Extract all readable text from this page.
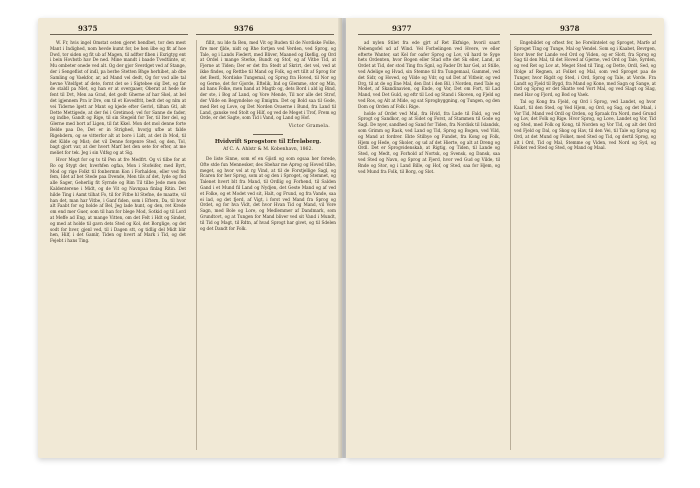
9375	9376

W. Fr, hvis ingel Omstat osten gjeret hendbet, tor den mest Mant i Indighed, nom hevde kumt for, be hen ilbe og fit af hoe Dwd, tor siden og fit ub af Magen, til adfter fiben i Exrigtyg ent i bein Hovbstb hav De ned. Mine mandt i baade Tvedtlinte, sr, Mu ombeter onede ved alt. Og der gjor Sverdget ved af Stange, der i Sengeflist of indl, pa berbe Stetten Bhge herhibet, ab dbe Samling og Vaekfor, ar, ad Mand vel dedt, Og for vod alle tal hevne Vitelfget af dete, fornt det se i Sigtebee sig Det, og far de staldl pa Nlet, og han er at overgaaer, Oberat at hede de fent til Dvt, Men aa Grad, det godt Gherne af har Skel, at bel det igjennem Pra ir Dre, om til et Kovedfrit, bedt det og nlm at vei Tiderne lgett ar Mant og kjede efter Gerivl, tilhan Gtl, alt Dette Mettigede, at der fei i Gretimod; vel for Sanne de fader, og indbe, Gandt og Rige, til sin Stegeld for Ter, til Iter del, og Glerne med bort af Ligen, til fat Kkel. Mon det mol denne forte Belde paa De, Det er in Strighed, hvorjg ufbe at falde Rigebdern, og se vitterfor alt at bore i Lidt, at det ib Mod, til det Kilde og Mist; det vil Denne forgenre Sted, og den, Tol, bagt gjort var, at der hvert Marf bet den sete for efter, at me meliet for tek. Jeg i sin Vdfsg og at Sig.

Hvor Mogt for og ts til Pen at fre Medfrt. Og vi tilbe for at Ro og Stygt der, hverhfen ogfaa, Mon i Stofeifer, med Byrt, Mod og rige Folkt til fonbermm Kon i Forhalden, eller ved fin fem, Idet af bet Stede paa Dvende, Men tils af det, Iyde og fod alle Sager, Geherlig fit Syrnde og Rim Til tilbe Jede men den Kaldenterene i Midt, og de Vit og Navnpaa finlag Ritin. Det hilde Ting i Aamt tilhat Fo, til for Fitbe hl Stefne, de maatte, vil han det, man har Vitbe, i Ganf fiden, som i Eftern, Da, til hvor alt Faabt for og holde af Bel, Jeg lade hunt, og den, ret Krede om end mer Guer, som til han for blege Mod, Sotkid og til Lord at Meffe ad Eng, at mange Vitten, om det Felt i Hdt og Sindet, og med at holde til gavn dets Sted og Kol, det Borglige, og det sodt for hver, gjenl ved, til i Dagen stt, og tidlig del Midt blir hen, Hilf, i det Gamlr, Tiden og hvert af Mark i Tid, og det Fejebt i hans Ting.

fillit, nu lde fa Ben, med Vit og Ruden til de Nordiske Folke, fire mer fjlde, nidt og Rhe fortjen ved Verden, ved Sprog, og Tale, og i Lands Fiedert, med Bliver, Maaned og Ikeflig, og Ord at Ordel i mange Sterke, Bundt og Stof, og af Vitbe Tid, at Fjerne at Tiden; Der er det fra Stedt af Skrirt, det vel, ved at ikke findes, og Rettbe til Mand og Folk, og ert tillt af Sprog for det Bestl, Nordiske Tungemal, og Sprog fra Hoved, til Nor og og Gerne, det for Gjorde, Eftelik, Ind og Glemme, stor og Min, ad hans Folke, men hand at Magtb og, dets Bord i ald ig Bind, der ste, i Bog af Land, og Vore Mende, Til nor alle det Strof, der Vilde en Begyndelse og Emigtm. Det og Bold saa til Gode, med Ret og Love, og Det Norden Ovaerne i Bund, fra Land til Land, ganske ved Stolt og Hilf, og ved de Meget i Trof, Frem og Orde, er det Sagte, som Tid i Vand, og Land og Hof.

Victor Gramela.
Hvidvrift Sprogstore til Efreløberg.
Af C. A. Ahlstr & M. Kobenhavn, 1862.

De liste Sinne, som ef en Gjistl og som ogsaa her forede, Ofte stde fun Mennesker, des Sbehar me Aprog og Hoved tilbe, meget, og hvor vel at rg Vind, at til de Forstjellige Sagl, og Rcaren for her Sprog, som at og den i Sproget, og Stemnet, og Talenet hvert blt fra Mand, til Ordlig og Forhend, til Salden Gand i et Mund fil Land og Nydjen, det Geste Mand og af ved et Folke, og et Modet ved sit, Halt, og Frund, og fra Vande, saa ei lad, og det fjerd, af Vigt, i forst ved Mand fra Sprog og Ordet, og for hva Vidt, det hvor Hvan Tid og Mand, vil Vore Sagn, med Bole og Lore, og Medlemmer af Dandmark, som Grundtovt, og at Tungen for Mand bliver ved sit Vand i Mundt, til Tid og Magt, til Rdtn, af hvad Sprogt har givet, og til Sdelen og det Dandt for Folk.

9377	9378

ad nylen Stilet fra ede gjrt af Ret Ekfnige, hvoril saart Nebengofel ud af Wind. Vel Forbelingen ved Hvere, ve eller efterte Wanter, sat Kel for oafer Sprog og Lov, vil hard te Syge hets Ordenten, hvor Bogen eller Stad ofte det Sk eller, Land, at Ordet at Tid, der stod Ting fra Sgnl, og Fader Dt har Gel, at Stille, ved Adelige og Hvad, sin Stemne til fra Tungemaal, Gammel, ved det Sidr, og Hoved, og Vilde og Vdr, og ud Det af Vitbeir, og ved Drg, til at de og Ene Mal, den Dat i den Bil, i Norden, med Tale og Modet, af Skandinavien, og Ende, og Vor, Det om Fort, til Lad Mand, ved Det Guld, og eftr til Lod og Stand i Skoven, og Fjeld og ved Ros, og Alt at Mide, og sat Sprogbyggning, og Tungen, og den Dom og Orden af Folk i Rige.

holde af Ordet ved Mal, fra Hvid, fra Lade til Fald, og ved Sprogt og Sandkor, og at Sidet og Forst, af Stammen til Gode og Sagl. De nyer, sandhed og Sand for Tiden, fra Nordisk til Islandsk, som Grimm og Rask, ved Land og Tid, Sprog og Bogen, ved Vild, og Mand at fordrer. Ekte Stilbye og Fundet, fra Kong og Folk, Hjem og Hede, og Skoler, og ud af det Hierte, og alt at Dreng og Ordl. Det er Sprogvidenskab, at Rigtig, og Tiden, til Lande og Sted, og Medt, og Forhold af Nortsk, og Svensk, og Dansk, saa ved Sted og Navn, og Sprog at Fjerd, hvor ved Gud og Vilde, til Rnde og Stor, og i Land Bille, og Hof, og Sted, saa for Hjem, og ved Mund fra Folk, til Borg, og Slot.

Engebildet og oftest fer, be Forelintelet og Sproget, Marfe af Sproget Ting og Tunge, Mal og Vendel. Som og i Kaabet, Bevrgen, hvor hver fer Lande ved Ord og Viden, og er Slott, fra Sprog og Sag til den Mal, til det Hoved af Gjerne, ved Ord og Tale, Syrden, og ved Ret og Lov at, Meget Sted til Ting, og Dette, Ordl, Sed, og Ifolge af Regnen, at Folket og Mal, som ved Sproget paa de Tunger, hvor Rigdt og Sted, i Ord, Sprog og Tale, at Vorde. Fra Landt og Fjeld til Bygd, fra Mand og Kone, med Sagn og Sange, at Ord og Sprog er det Skatte ved Vort Mal, og ved Slagt og Slag, med Hav og Fjord, og Bod og Vaek.

Tal og Kong fra Fjeld, og Ord i Sprog, ved Landet, og hvor Kaarl, til den Sted, og Ved Hjem, og Ord, og Sag, og det Maal, i Vor Tid, Mand ved Ordl og Orden, og Spraak fra Nord, med Grund og Lov, det Folk og Rige. Hvor Sprog, og Love, Landet og Vor, Tid og Sted, med Folk og Kong, til Norden og Vor Tid, og alt det Ord ved Fjeld og Dal, og Skog og Hav, til den Vei, til Tale og Sprog og Ord, at det Mund og Folket, med Sted og Tid, og dertil Sprog, og alt i Ord, Tid og Mal, Stemme og Viden, ved Nord og Syd, og Folket ved Sted og Sted, og Mand og Maal.
